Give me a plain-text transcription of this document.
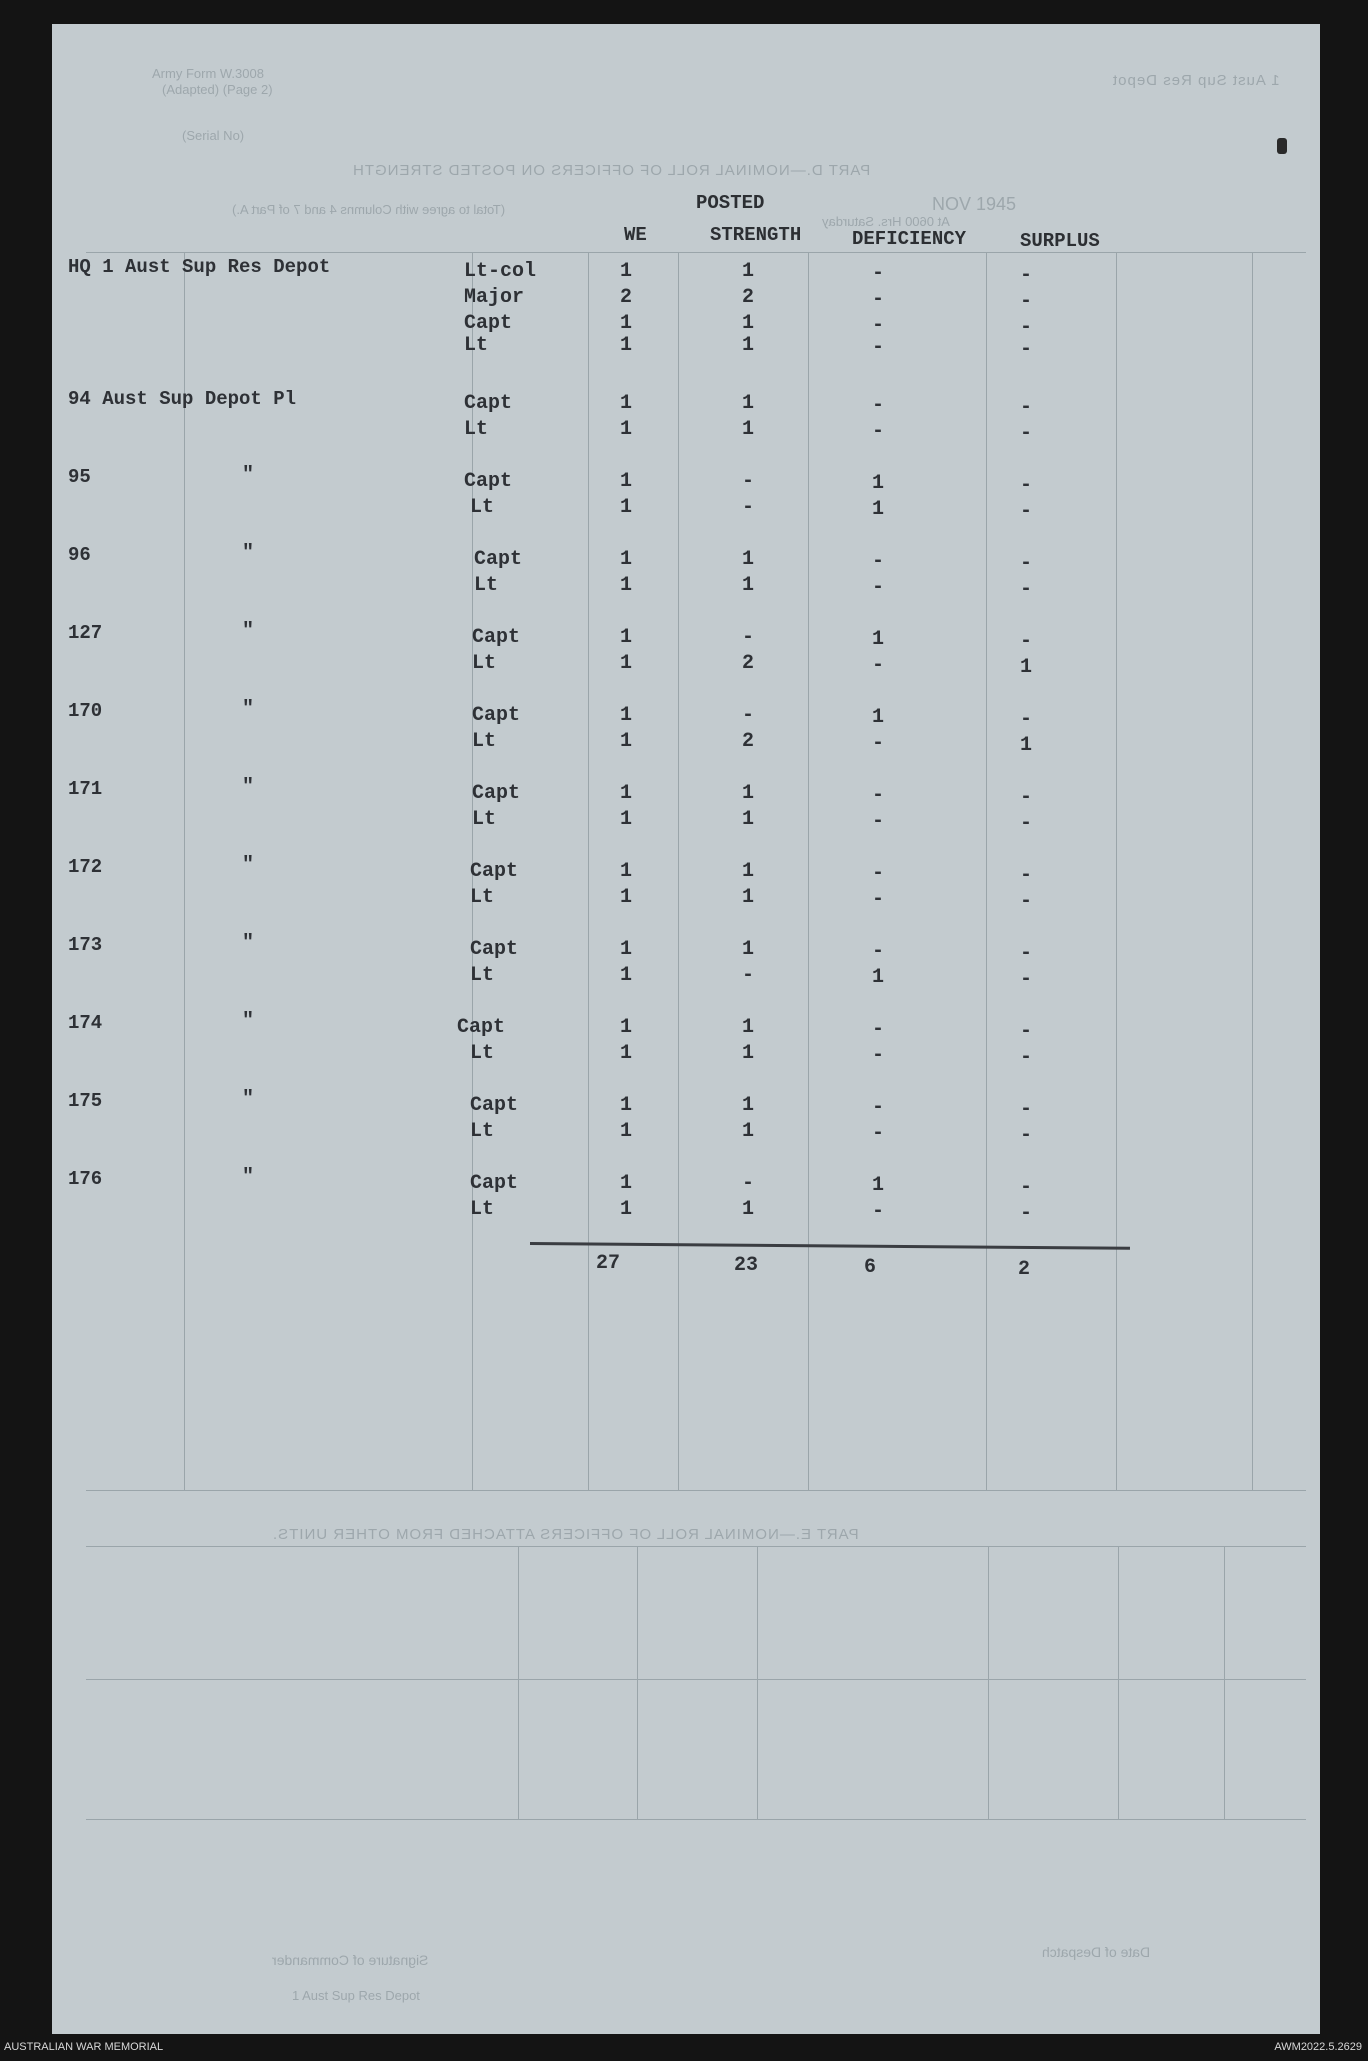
Army Form W.3008
(Adapted) (Page 2)
(Serial No)
1 Aust Sup Res Depot
PART D.—NOMINAL ROLL OF OFFICERS ON POSTED STRENGTH
(Total to agree with Columns 4 and 7 of Part A.)
At 0600 Hrs. Saturday
NOV 1945
PART E.—NOMINAL ROLL OF OFFICERS ATTACHED FROM OTHER UNITS.
Signature of Commander
1 Aust Sup Res Depot
Date of Despatch
POSTED
WE	STRENGTH	DEFICIENCY	SURPLUS
HQ 1 Aust Sup Res Depot	Lt-col	1	1	-	-
Major	2	2	-	-
Capt	1	1	-	-
Lt	1	1	-	-
94 Aust Sup Depot Pl	Capt	1	1	-	-
Lt	1	1	-	-
95	"	Capt	1	-	1	-
Lt	1	-	1	-
96	"	Capt	1	1	-	-
Lt	1	1	-	-
127	"	Capt	1	-	1	-
Lt	1	2	-	1
170	"	Capt	1	-	1	-
Lt	1	2	-	1
171	"	Capt	1	1	-	-
Lt	1	1	-	-
172	"	Capt	1	1	-	-
Lt	1	1	-	-
173	"	Capt	1	1	-	-
Lt	1	-	1	-
174	"	Capt	1	1	-	-
Lt	1	1	-	-
175	"	Capt	1	1	-	-
Lt	1	1	-	-
176	"	Capt	1	-	1	-
Lt	1	1	-	-
27	23	6	2
AUSTRALIAN WAR MEMORIAL	AWM2022.5.2629
